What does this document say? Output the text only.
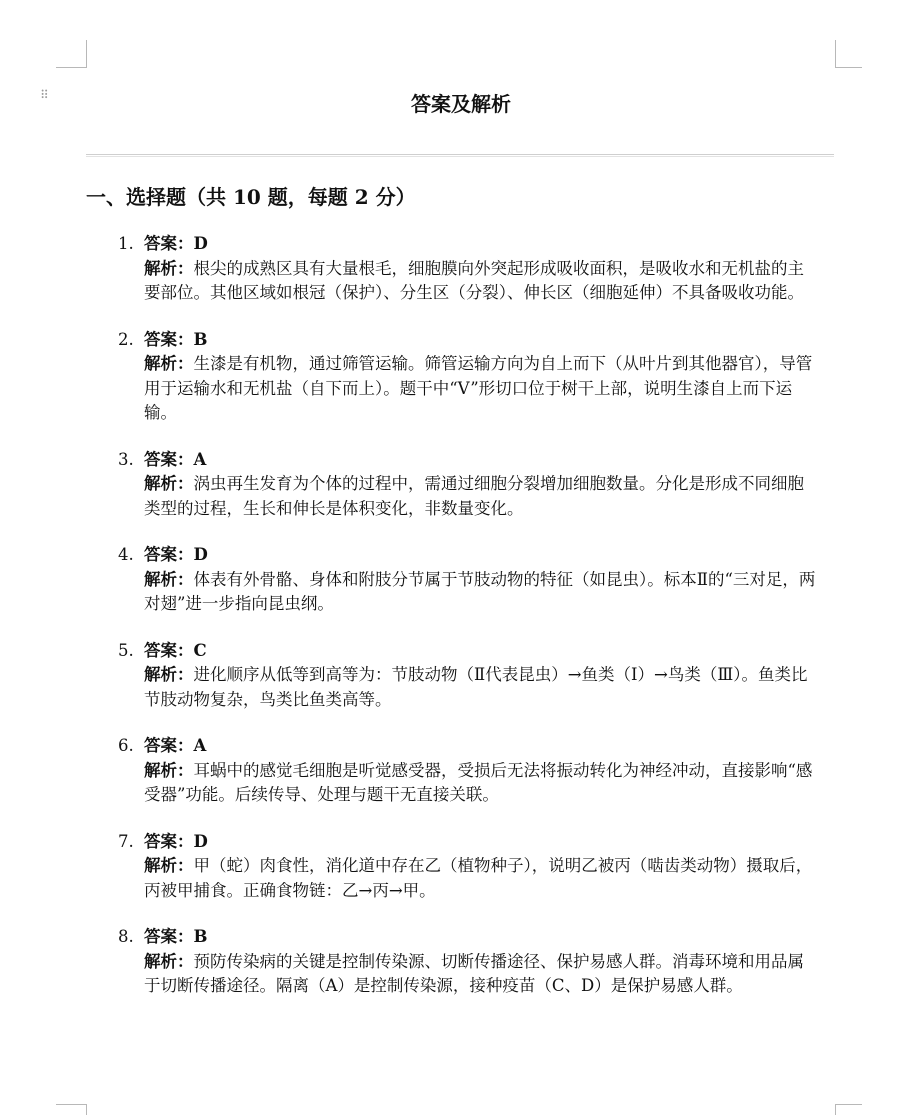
⠿	答案及解析
一、选择题（共 10 题，每题 2 分）
1. 答案：D
解析：根尖的成熟区具有大量根毛，细胞膜向外突起形成吸收面积，是吸收水和无机盐的主要部位。其他区域如根冠（保护）、分生区（分裂）、伸长区（细胞延伸）不具备吸收功能。
2. 答案：B
解析：生漆是有机物，通过筛管运输。筛管运输方向为自上而下（从叶片到其他器官），导管用于运输水和无机盐（自下而上）。题干中“V”形切口位于树干上部，说明生漆自上而下运输。
3. 答案：A
解析：涡虫再生发育为个体的过程中，需通过细胞分裂增加细胞数量。分化是形成不同细胞类型的过程，生长和伸长是体积变化，非数量变化。
4. 答案：D
解析：体表有外骨骼、身体和附肢分节属于节肢动物的特征（如昆虫）。标本Ⅱ的“三对足，两对翅”进一步指向昆虫纲。
5. 答案：C
解析：进化顺序从低等到高等为：节肢动物（Ⅱ代表昆虫）→鱼类（Ⅰ）→鸟类（Ⅲ）。鱼类比节肢动物复杂，鸟类比鱼类高等。
6. 答案：A
解析：耳蜗中的感觉毛细胞是听觉感受器，受损后无法将振动转化为神经冲动，直接影响“感受器”功能。后续传导、处理与题干无直接关联。
7. 答案：D
解析：甲（蛇）肉食性，消化道中存在乙（植物种子），说明乙被丙（啮齿类动物）摄取后，丙被甲捕食。正确食物链：乙→丙→甲。
8. 答案：B
解析：预防传染病的关键是控制传染源、切断传播途径、保护易感人群。消毒环境和用品属于切断传播途径。隔离（A）是控制传染源，接种疫苗（C、D）是保护易感人群。
